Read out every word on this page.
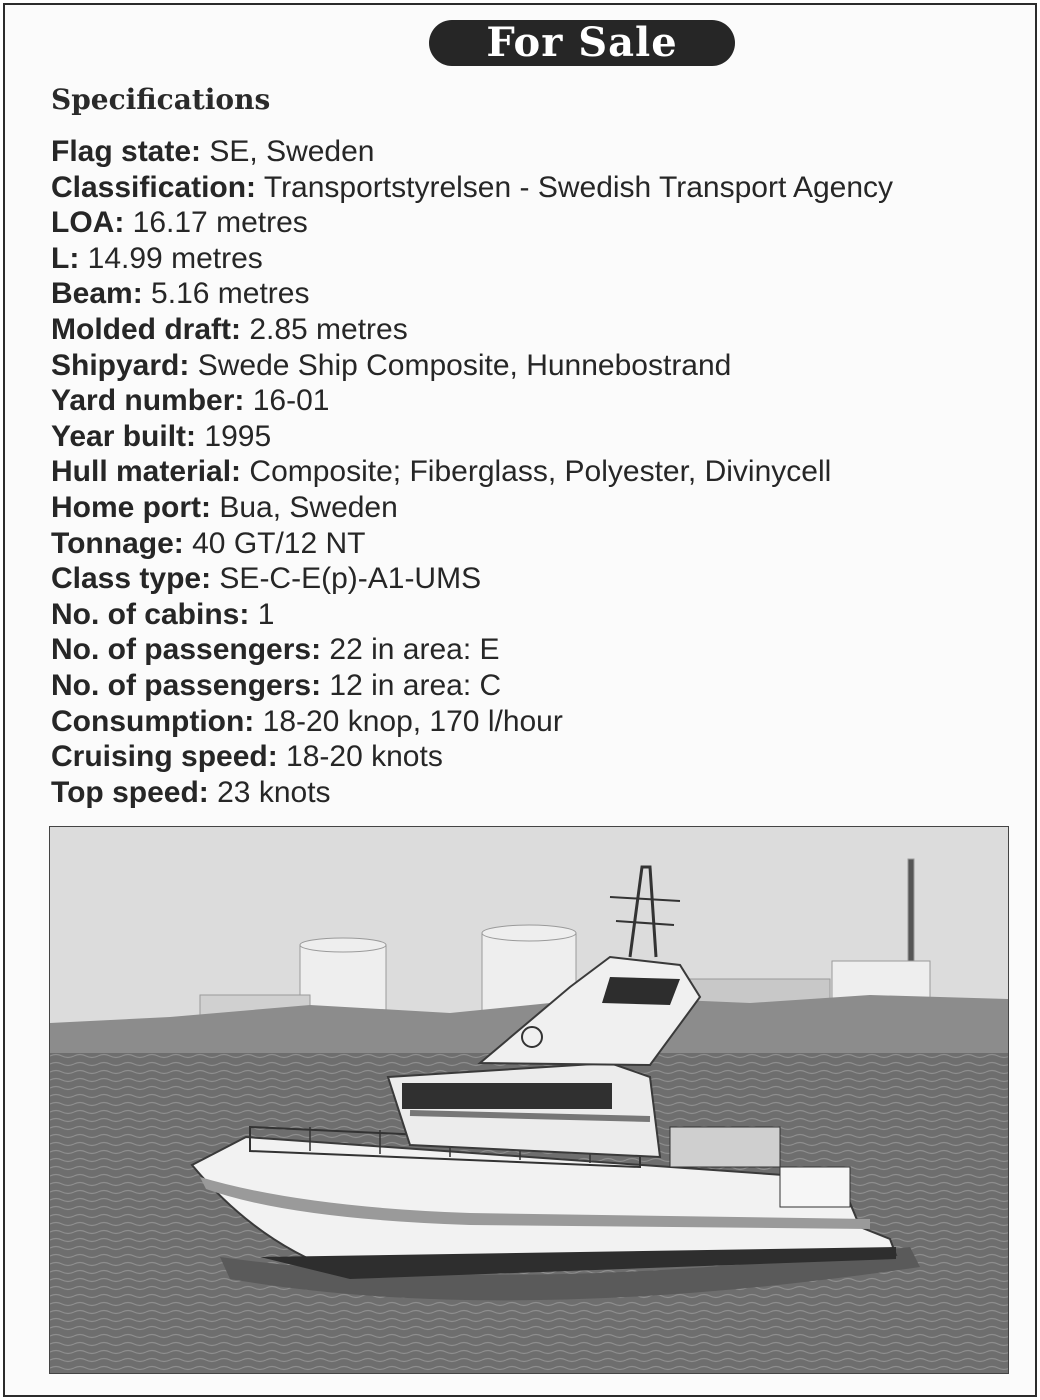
For Sale
Specifications
Flag state: SE, Sweden
Classification: Transportstyrelsen - Swedish Transport Agency
LOA: 16.17 metres
L: 14.99 metres
Beam: 5.16 metres
Molded draft: 2.85 metres
Shipyard: Swede Ship Composite, Hunnebostrand
Yard number: 16-01
Year built: 1995
Hull material: Composite; Fiberglass, Polyester, Divinycell
Home port: Bua, Sweden
Tonnage: 40 GT/12 NT
Class type: SE-C-E(p)-A1-UMS
No. of cabins: 1
No. of passengers: 22 in area: E
No. of passengers: 12 in area: C
Consumption: 18-20 knop, 170 l/hour
Cruising speed: 18-20 knots
Top speed: 23 knots
